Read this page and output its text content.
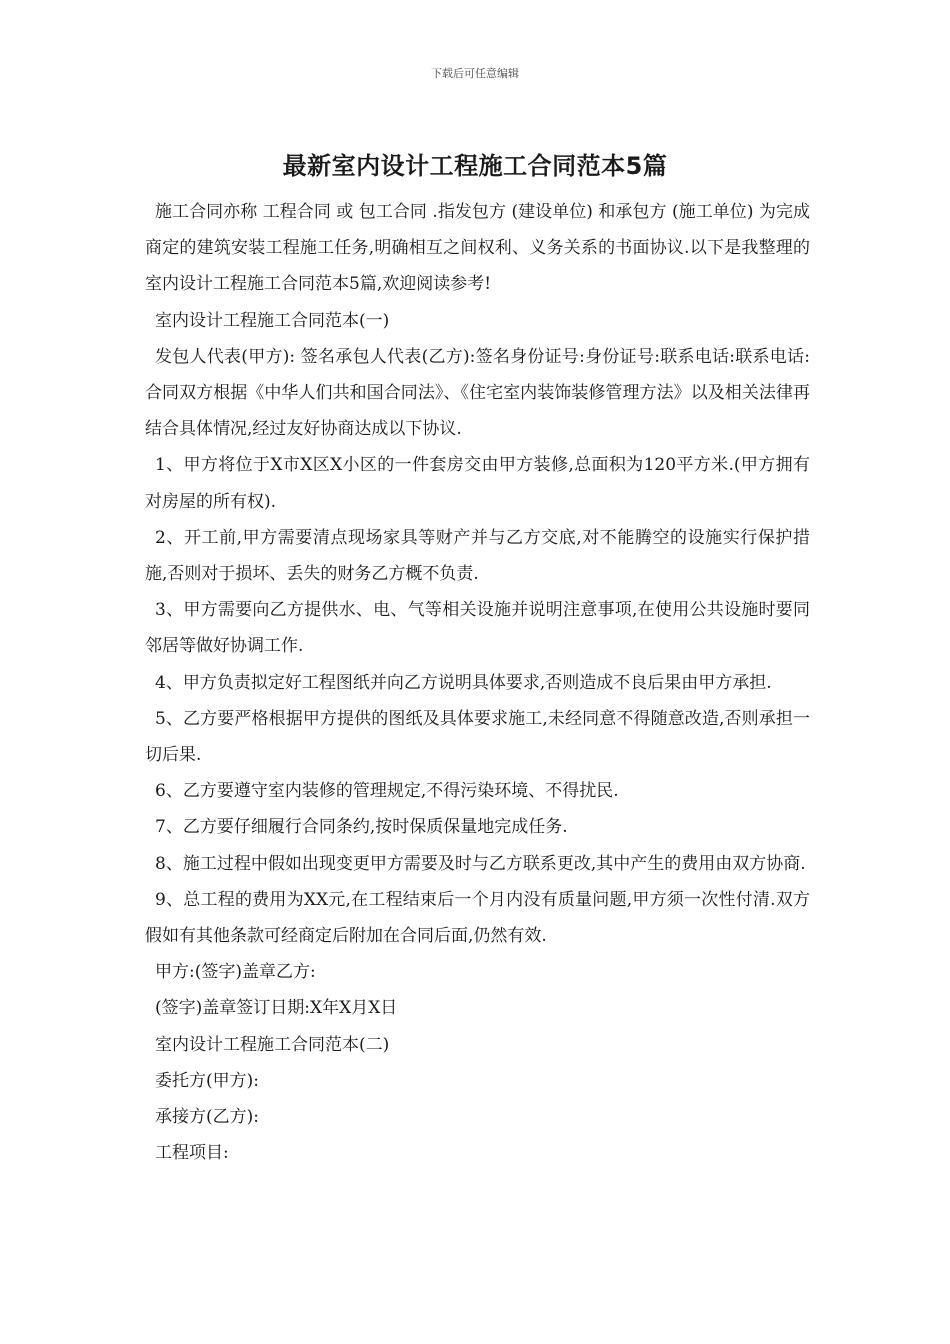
下载后可任意编辑
最新室内设计工程施工合同范本5篇

施工合同亦称 工程合同 或 包工合同 .指发包方 (建设单位) 和承包方 (施工单位) 为完成商定的建筑安装工程施工任务,明确相互之间权利、义务关系的书面协议.以下是我整理的室内设计工程施工合同范本5篇,欢迎阅读参考!

室内设计工程施工合同范本(一)

发包人代表(甲方): 签名承包人代表(乙方):签名身份证号:身份证号:联系电话:联系电话:合同双方根据《中华人们共和国合同法》、《住宅室内装饰装修管理方法》以及相关法律再结合具体情况,经过友好协商达成以下协议.

1、甲方将位于X市X区X小区的一件套房交由甲方装修,总面积为120平方米.(甲方拥有对房屋的所有权).

2、开工前,甲方需要清点现场家具等财产并与乙方交底,对不能腾空的设施实行保护措施,否则对于损坏、丢失的财务乙方概不负责.

3、甲方需要向乙方提供水、电、气等相关设施并说明注意事项,在使用公共设施时要同邻居等做好协调工作.

4、甲方负责拟定好工程图纸并向乙方说明具体要求,否则造成不良后果由甲方承担.

5、乙方要严格根据甲方提供的图纸及具体要求施工,未经同意不得随意改造,否则承担一切后果.

6、乙方要遵守室内装修的管理规定,不得污染环境、不得扰民.

7、乙方要仔细履行合同条约,按时保质保量地完成任务.

8、施工过程中假如出现变更甲方需要及时与乙方联系更改,其中产生的费用由双方协商.

9、总工程的费用为XX元,在工程结束后一个月内没有质量问题,甲方须一次性付清.双方假如有其他条款可经商定后附加在合同后面,仍然有效.

甲方:(签字)盖章乙方:

(签字)盖章签订日期:X年X月X日

室内设计工程施工合同范本(二)

委托方(甲方):

承接方(乙方):

工程项目:
